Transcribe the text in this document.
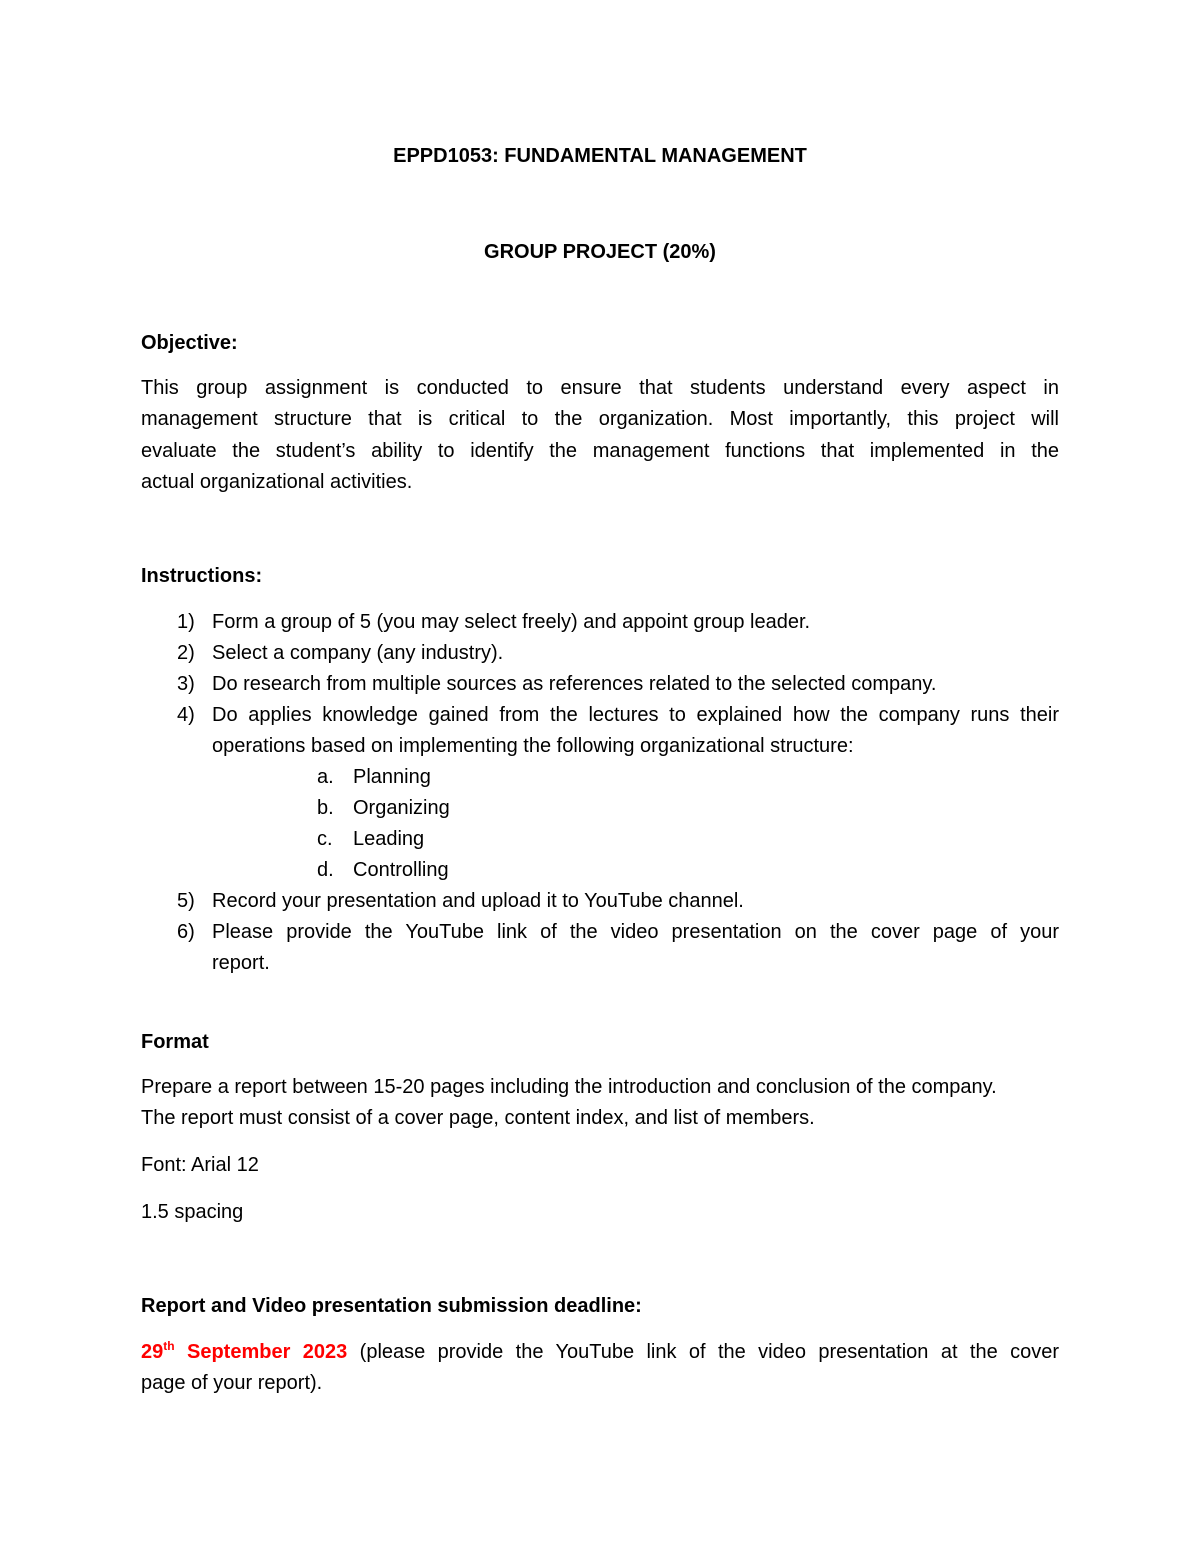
EPPD1053: FUNDAMENTAL MANAGEMENT
GROUP PROJECT (20%)
Objective:
This group assignment is conducted to ensure that students understand every aspect in
management structure that is critical to the organization. Most importantly, this project will
evaluate the student’s ability to identify the management functions that implemented in the
actual organizational activities.
Instructions:
1) Form a group of 5 (you may select freely) and appoint group leader.
2) Select a company (any industry).
3) Do research from multiple sources as references related to the selected company.
4) Do applies knowledge gained from the lectures to explained how the company runs their
operations based on implementing the following organizational structure:
a. Planning
b. Organizing
c. Leading
d. Controlling
5) Record your presentation and upload it to YouTube channel.
6) Please provide the YouTube link of the video presentation on the cover page of your
report.
Format
Prepare a report between 15-20 pages including the introduction and conclusion of the company.
The report must consist of a cover page, content index, and list of members.
Font: Arial 12
1.5 spacing
Report and Video presentation submission deadline:
29th September 2023 (please provide the YouTube link of the video presentation at the cover
page of your report).
